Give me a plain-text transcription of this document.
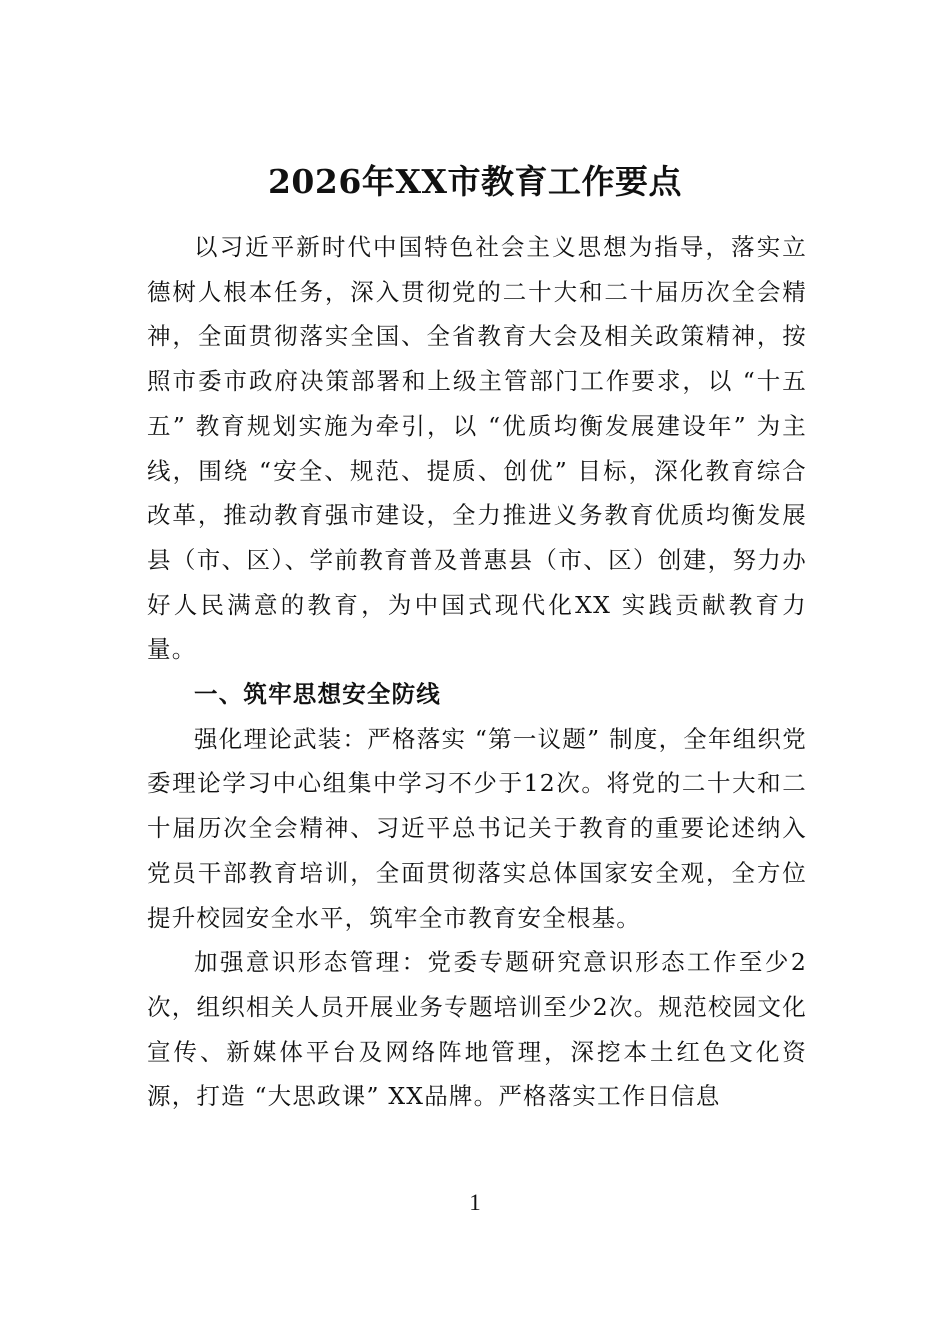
2026年XX市教育工作要点

以习近平新时代中国特色社会主义思想为指导，落实立德树人根本任务，深入贯彻党的二十大和二十届历次全会精神，全面贯彻落实全国、全省教育大会及相关政策精神，按照市委市政府决策部署和上级主管部门工作要求，以 “十五五” 教育规划实施为牵引，以 “优质均衡发展建设年” 为主线，围绕 “安全、规范、提质、创优” 目标，深化教育综合改革，推动教育强市建设，全力推进义务教育优质均衡发展县（市、区）、学前教育普及普惠县（市、区）创建，努力办好人民满意的教育，为中国式现代化XX 实践贡献教育力量。

一、筑牢思想安全防线

强化理论武装：严格落实 “第一议题” 制度，全年组织党委理论学习中心组集中学习不少于12次。将党的二十大和二十届历次全会精神、习近平总书记关于教育的重要论述纳入党员干部教育培训，全面贯彻落实总体国家安全观，全方位提升校园安全水平，筑牢全市教育安全根基。

加强意识形态管理：党委专题研究意识形态工作至少2次，组织相关人员开展业务专题培训至少2次。规范校园文化宣传、新媒体平台及网络阵地管理，深挖本土红色文化资源，打造 “大思政课” XX品牌。严格落实工作日信息

1
